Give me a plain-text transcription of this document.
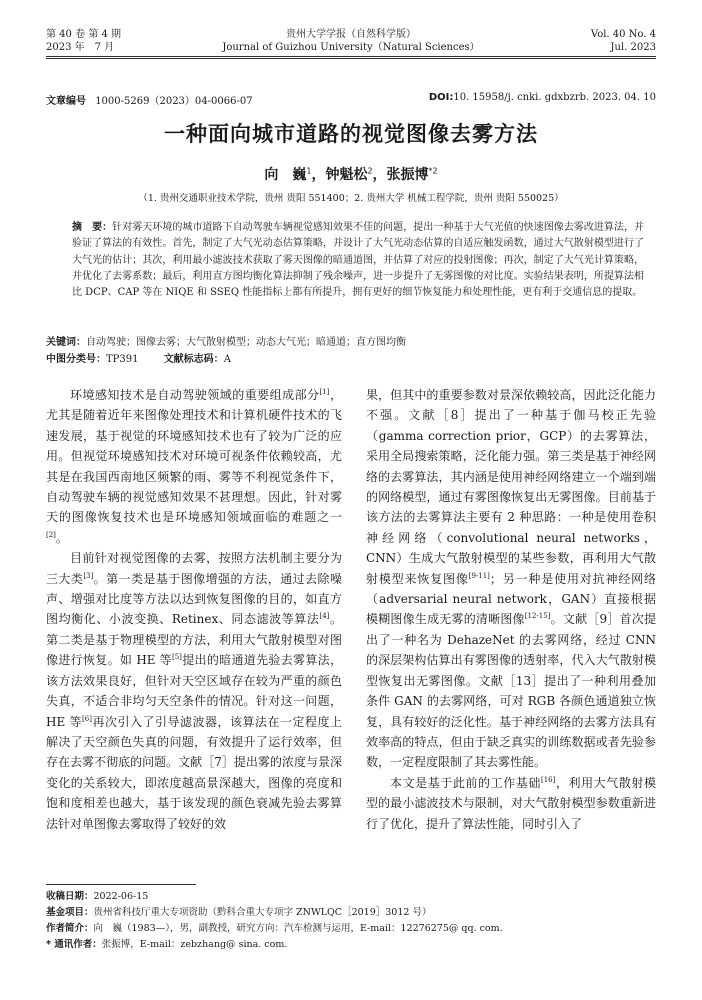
第 40 卷 第 4 期
2023 年　7 月
贵州大学学报（自然科学版）
Journal of Guizhou University（Natural Sciences）
Vol. 40 No. 4
Jul. 2023
文章编号 1000-5269（2023）04-0066-07	DOI:10. 15958/j. cnki. gdxbzrb. 2023. 04. 10
一种面向城市道路的视觉图像去雾方法
向　巍$^1$，钟魁松$^2$，张振博$^{*2}$
（1. 贵州交通职业技术学院，贵州 贵阳 551400；2. 贵州大学 机械工程学院，贵州 贵阳 550025）
摘　要：针对雾天环境的城市道路下自动驾驶车辆视觉感知效果不佳的问题，提出一种基于大气光值的快速图像去雾改进算法，并验证了算法的有效性。首先，制定了大气光动态估算策略，并设计了大气光动态估算的自适应触发函数，通过大气散射模型进行了大气光的估计；其次，利用最小滤波技术获取了雾天图像的暗通道图，并估算了对应的投射图像；再次，制定了大气光计算策略，并优化了去雾系数；最后，利用直方图均衡化算法抑制了残余噪声，进一步提升了无雾图像的对比度。实验结果表明，所提算法相比 DCP、CAP 等在 NIQE 和 SSEQ 性能指标上都有所提升，拥有更好的细节恢复能力和处理性能，更有利于交通信息的提取。
关键词：自动驾驶；图像去雾；大气散射模型；动态大气光；暗通道；直方图均衡
中图分类号：TP391	文献标志码：A

环境感知技术是自动驾驶领域的重要组成部分[1]，尤其是随着近年来图像处理技术和计算机硬件技术的飞速发展，基于视觉的环境感知技术也有了较为广泛的应用。但视觉环境感知技术对环境可视条件依赖较高，尤其是在我国西南地区频繁的雨、雾等不利视觉条件下，自动驾驶车辆的视觉感知效果不甚理想。因此，针对雾天的图像恢复技术也是环境感知领域面临的难题之一[2]。

目前针对视觉图像的去雾，按照方法机制主要分为三大类[3]。第一类是基于图像增强的方法，通过去除噪声、增强对比度等方法以达到恢复图像的目的，如直方图均衡化、小波变换、Retinex、同态滤波等算法[4]。第二类是基于物理模型的方法，利用大气散射模型对图像进行恢复。如 HE 等[5]提出的暗通道先验去雾算法，该方法效果良好，但针对天空区域存在较为严重的颜色失真，不适合非均匀天空条件的情况。针对这一问题，HE 等[6]再次引入了引导滤波器，该算法在一定程度上解决了天空颜色失真的问题，有效提升了运行效率，但存在去雾不彻底的问题。文献［7］提出雾的浓度与景深变化的关系较大，即浓度越高景深越大，图像的亮度和饱和度相差也越大，基于该发现的颜色衰减先验去雾算法针对单图像去雾取得了较好的效

果，但其中的重要参数对景深依赖较高，因此泛化能力不强。文献［8］提出了一种基于伽马校正先验（gamma correction prior，GCP）的去雾算法，采用全局搜索策略，泛化能力强。第三类是基于神经网络的去雾算法，其内涵是使用神经网络建立一个端到端的网络模型，通过有雾图像恢复出无雾图像。目前基于该方法的去雾算法主要有 2 种思路：一种是使用卷积神经网络（convolutional neural networks，CNN）生成大气散射模型的某些参数，再利用大气散射模型来恢复图像[9-11]；另一种是使用对抗神经网络（adversarial neural network，GAN）直接根据模糊图像生成无雾的清晰图像[12-15]。文献［9］首次提出了一种名为 DehazeNet 的去雾网络，经过 CNN 的深层架构估算出有雾图像的透射率，代入大气散射模型恢复出无雾图像。文献［13］提出了一种利用叠加条件 GAN 的去雾网络，可对 RGB 各颜色通道独立恢复，具有较好的泛化性。基于神经网络的去雾方法具有效率高的特点，但由于缺乏真实的训练数据或者先验参数，一定程度限制了其去雾性能。

本文是基于此前的工作基础[16]，利用大气散射模型的最小滤波技术与限制，对大气散射模型参数重新进行了优化，提升了算法性能，同时引入了

收稿日期：2022-06-15
基金项目：贵州省科技厅重大专项资助（黔科合重大专项字 ZNWLQC［2019］3012 号）
作者简介：向　巍（1983—），男，副教授，研究方向：汽车检测与运用，E-mail：12276275@ qq. com.
* 通讯作者：张振博，E-mail：zebzhang@ sina. com.
